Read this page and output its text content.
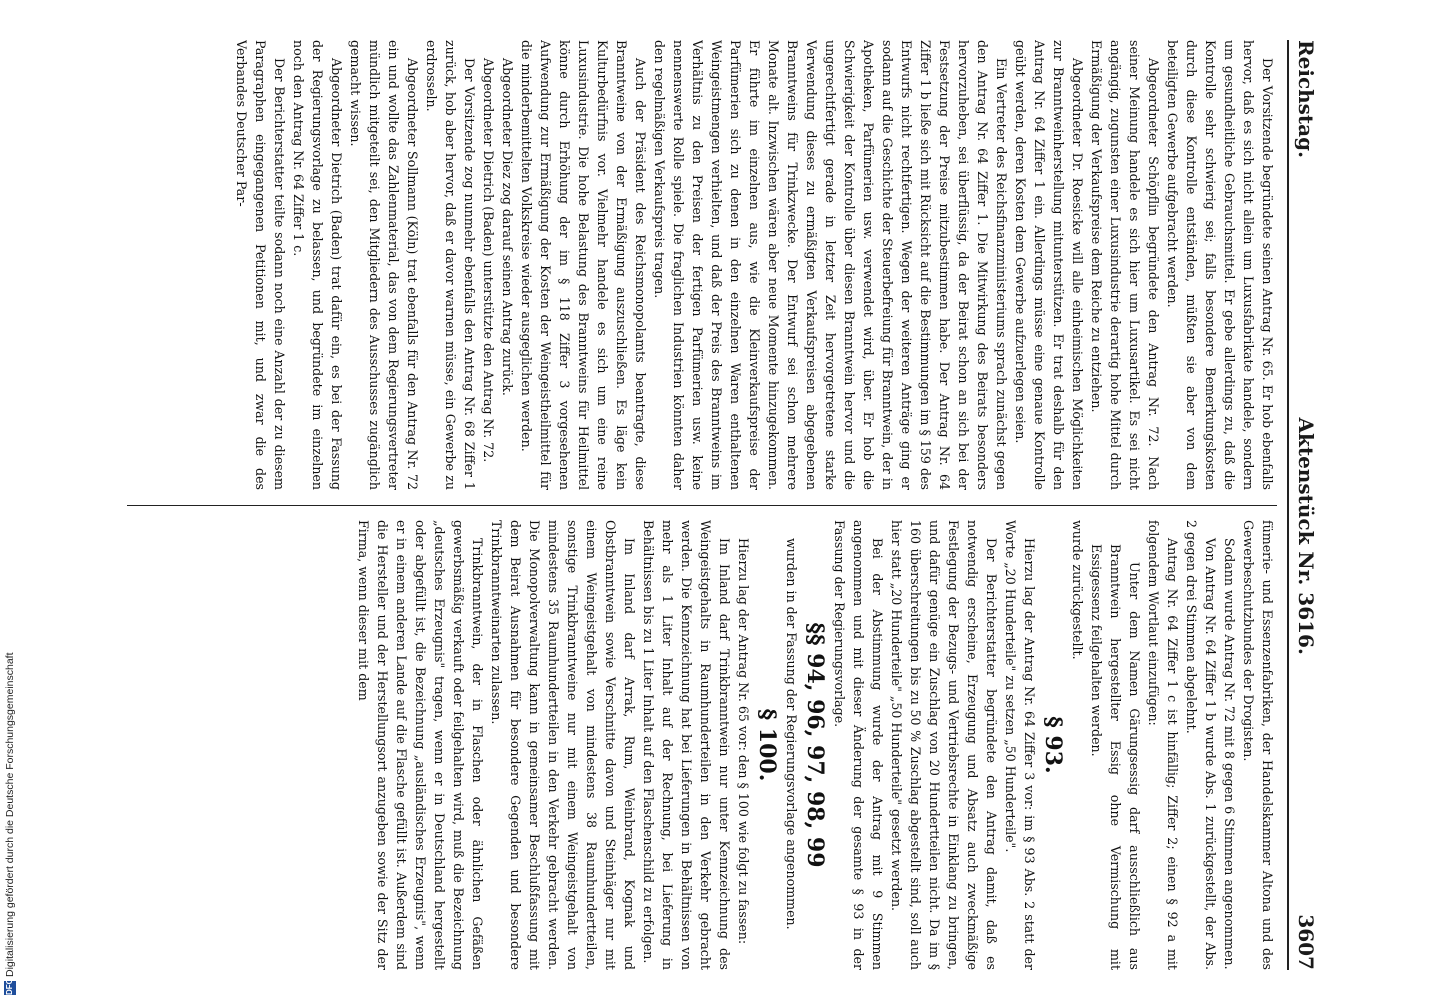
Reichstag.
Aktenstück Nr. 3616.
3607

Der Vorsitzende begründete seinen Antrag Nr. 65. Er hob ebenfalls hervor, daß es sich nicht allein um Luxusfabrikate handele, sondern um gesundheitliche Gebrauchsmittel. Er gebe allerdings zu, daß die Kontrolle sehr schwierig sei; falls besondere Bemerkungskosten durch diese Kontrolle entständen, müßten sie aber von dem beteiligten Gewerbe aufgebracht werden.

Abgeordneter Schöpflin begründete den Antrag Nr. 72. Nach seiner Meinung handele es sich hier um Luxusartikel. Es sei nicht angängig, zugunsten einer Luxusindustrie derartig hohe Mittel durch Ermäßigung der Verkaufspreise dem Reiche zu entziehen.

Abgeordneter Dr. Roesicke will alle einheimischen Möglichkeiten zur Branntweinherstellung mitunterstützen. Er trat deshalb für den Antrag Nr. 64 Ziffer 1 ein. Allerdings müsse eine genaue Kontrolle geübt werden, deren Kosten dem Gewerbe aufzuerlegen seien.

Ein Vertreter des Reichsfinanzministeriums sprach zunächst gegen den Antrag Nr. 64 Ziffer 1. Die Mitwirkung des Beirats besonders hervorzuheben, sei überflüssig, da der Beirat schon an sich bei der Festsetzung der Preise mitzubestimmen habe. Der Antrag Nr. 64 Ziffer 1 b ließe sich mit Rücksicht auf die Bestimmungen im § 159 des Entwurfs nicht rechtfertigen. Wegen der weiteren Anträge ging er sodann auf die Geschichte der Steuerbefreiung für Branntwein, der in Apotheken, Parfümerien usw. verwendet wird, über. Er hob die Schwierigkeit der Kontrolle über diesen Branntwein hervor und die ungerechtfertigt gerade in letzter Zeit hervorgetretene starke Verwendung dieses zu ermäßigten Verkaufspreisen abgegebenen Branntweins für Trinkzwecke. Der Entwurf sei schon mehrere Monate alt. Inzwischen wären aber neue Momente hinzugekommen. Er führte im einzelnen aus, wie die Kleinverkaufspreise der Parfümerien sich zu denen in den einzelnen Waren enthaltenen Weingeistmengen verhielten, und daß der Preis des Branntweins im Verhältnis zu den Preisen der fertigen Parfümerien usw. keine nennenswerte Rolle spiele. Die fraglichen Industrien könnten daher den regelmäßigen Verkaufspreis tragen.

Auch der Präsident des Reichsmonopolamts beantragte, diese Branntweine von der Ermäßigung auszuschließen. Es läge kein Kulturbedürfnis vor. Vielmehr handele es sich um eine reine Luxusindustrie. Die hohe Belastung des Branntweins für Heilmittel könne durch Erhöhung der im § 118 Ziffer 3 vorgesehenen Aufwendung zur Ermäßigung der Kosten der Weingeistheilmittel für die minderbemittelten Volkskreise wieder ausgeglichen werden.

Abgeordneter Diez zog darauf seinen Antrag zurück.

Abgeordneter Dietrich (Baden) unterstützte den Antrag Nr. 72.

Der Vorsitzende zog nunmehr ebenfalls den Antrag Nr. 68 Ziffer 1 zurück, hob aber hervor, daß er davor warnen müsse, ein Gewerbe zu erdrosseln.

Abgeordneter Sollmann (Köln) trat ebenfalls für den Antrag Nr. 72 ein und wollte das Zahlenmaterial, das von dem Regierungsvertreter mündlich mitgeteilt sei, den Mitgliedern des Ausschusses zugänglich gemacht wissen.

Abgeordneter Dietrich (Baden) trat dafür ein, es bei der Fassung der Regierungsvorlage zu belassen, und begründete im einzelnen noch den Antrag Nr. 64 Ziffer 1 c.

Der Berichterstatter teilte sodann noch eine Anzahl der zu diesem Paragraphen eingegangenen Petitionen mit, und zwar die des Verbandes Deutscher Par-

fümerie- und Essenzenfabriken, der Handelskammer Altona und des Gewerbeschutzbundes der Drogisten.

Sodann wurde Antrag Nr. 72 mit 8 gegen 6 Stimmen angenommen.

Von Antrag Nr. 64 Ziffer 1 b wurde Abs. 1 zurückgestellt, der Abs. 2 gegen drei Stimmen abgelehnt.

Antrag Nr. 64 Ziffer 1 c ist hinfällig; Ziffer 2; einen § 92 a mit folgendem Wortlaut einzufügen:

Unter dem Namen Gärungsessig darf ausschließlich aus Branntwein hergestellter Essig ohne Vermischung mit Essigessenz feilgehalten werden.

wurde zurückgestellt.

§ 93.

Hierzu lag der Antrag Nr. 64 Ziffer 3 vor: im § 93 Abs. 2 statt der Worte „20 Hunderteile" zu setzen „50 Hunderteile".

Der Berichterstatter begründete den Antrag damit, daß es notwendig erscheine, Erzeugung und Absatz auch zweckmäßige Festlegung der Bezugs- und Vertriebsrechte in Einklang zu bringen, und dafür genüge ein Zuschlag von 20 Hundertteilen nicht. Da im § 160 überschreitungen bis zu 50 % Zuschlag abgestellt sind, soll auch hier statt „20 Hunderteile" „50 Hunderteile" gesetzt werden.

Bei der Abstimmung wurde der Antrag mit 9 Stimmen angenommen und mit dieser Änderung der gesamte § 93 in der Fassung der Regierungsvorlage.

§§ 94, 96, 97, 98, 99

wurden in der Fassung der Regierungsvorlage angenommen.

§ 100.

Hierzu lag der Antrag Nr. 65 vor: den § 100 wie folgt zu fassen:

Im Inland darf Trinkbranntwein nur unter Kennzeichnung des Weingeistgehalts in Raumhunderteilen in den Verkehr gebracht werden. Die Kennzeichnung hat bei Lieferungen in Behältnissen von mehr als 1 Liter Inhalt auf der Rechnung, bei Lieferung in Behältnissen bis zu 1 Liter Inhalt auf den Flaschenschild zu erfolgen.

Im Inland darf Arrak, Rum, Weinbrand, Kognak und Obstbranntwein sowie Verschnitte davon und Steinhäger nur mit einem Weingeistgehalt von mindestens 38 Raumhundertteilen, sonstige Trinkbranntweine nur mit einem Weingeistgehalt von mindestens 35 Raumhundertteilen in den Verkehr gebracht werden. Die Monopolverwaltung kann in gemeinsamer Beschlußfassung mit dem Beirat Ausnahmen für besondere Gegenden und besondere Trinkbranntweinarten zulassen.

Trinkbranntwein, der in Flaschen oder ähnlichen Gefäßen gewerbsmäßig verkauft oder feilgehalten wird, muß die Bezeichnung „deutsches Erzeugnis" tragen, wenn er in Deutschland hergestellt oder abgefüllt ist, die Bezeichnung „ausländisches Erzeugnis", wenn er in einem anderen Lande auf die Flasche gefüllt ist. Außerdem sind die Hersteller und der Herstellungsort anzugeben sowie der Sitz der Firma, wenn dieser mit dem

DFG
Digitalisierung gefördert durch die Deutsche Forschungsgemeinschaft
